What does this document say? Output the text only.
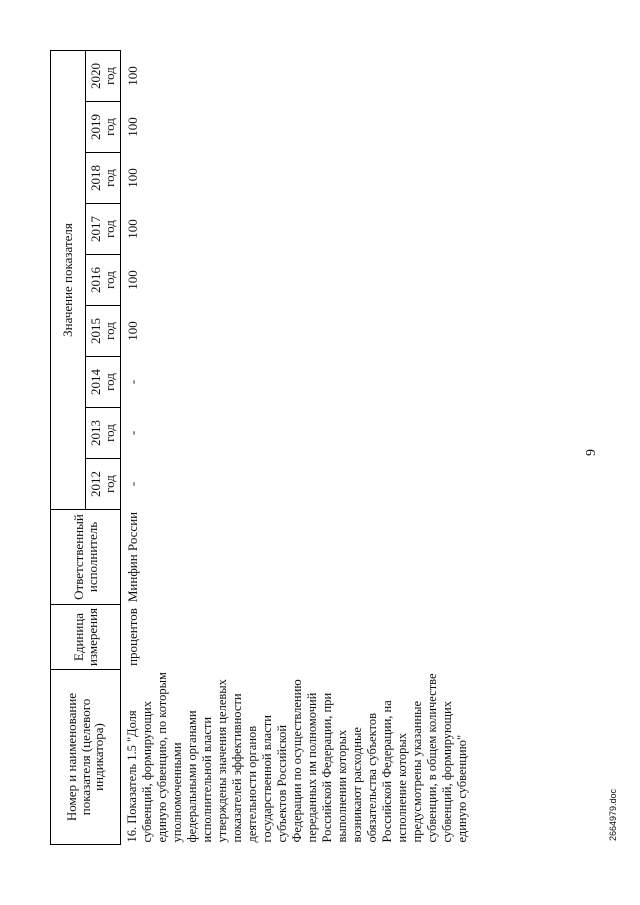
9
Номер и наименование показателя (целевого индикатора)	Единица измерения	Ответственный исполнитель	Значение показателя								
			2012 год	2013 год	2014 год	2015 год	2016 год	2017 год	2018 год	2019 год	2020 год
16. Показатель 1.5 "Доля субвенций, формирующих единую субвенцию, по которым уполномоченными федеральными органами исполнительной власти утверждены значения целевых показателей эффективности деятельности органов государственной власти субъектов Российской Федерации по осуществлению переданных им полномочий Российской Федерации, при выполнении которых возникают расходные обязательства субъектов Российской Федерации, на исполнение которых предусмотрены указанные субвенции, в общем количестве субвенций, формирующих единую субвенцию"	процентов	Минфин России	-	-	-	100	100	100	100	100	100
2664979.doc
